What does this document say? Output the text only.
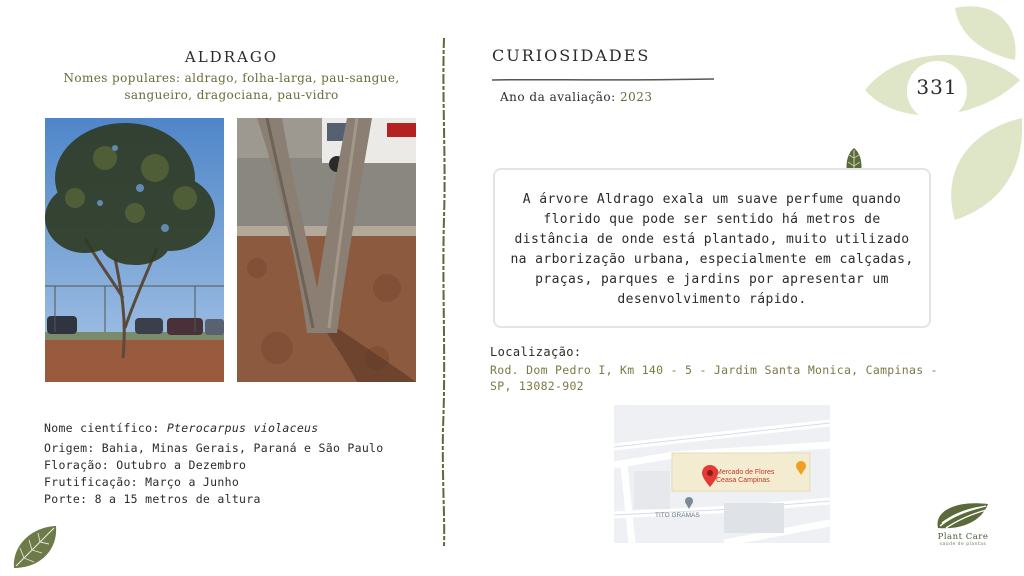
ALDRAGO
Nomes populares: aldrago, folha-larga, pau-sangue, sangueiro, dragociana, pau-vidro
Nome científico: Pterocarpus violaceus
Origem: Bahia, Minas Gerais, Paraná e São Paulo
Floração: Outubro a Dezembro
Frutificação: Março a Junho
Porte: 8 a 15 metros de altura
CURIOSIDADES
Ano da avaliação: 2023	331
A árvore Aldrago exala um suave perfume quando florido que pode ser sentido há metros de distância de onde está plantado, muito utilizado na arborização urbana, especialmente em calçadas, praças, parques e jardins por apresentar um desenvolvimento rápido.
Localização:
Rod. Dom Pedro I, Km 140 - 5 - Jardim Santa Monica, Campinas - SP, 13082-902
Mercado de Flores
Ceasa Campinas
TITO GRAMAS
Plant Care
saúde de plantas
